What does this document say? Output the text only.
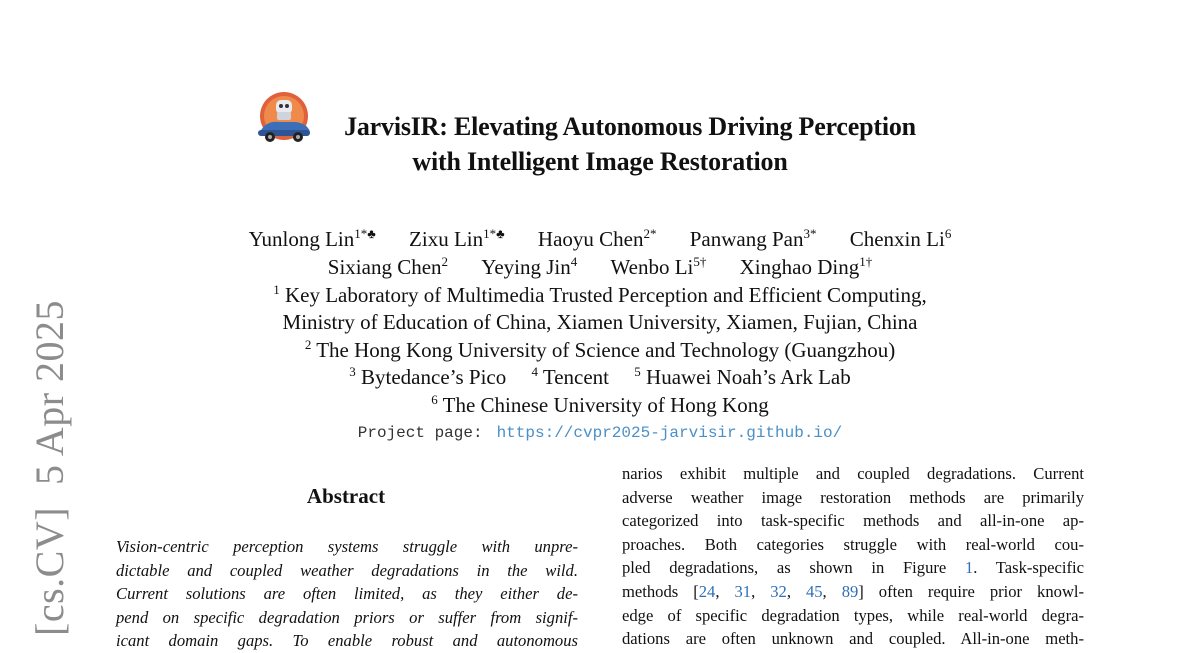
[cs.CV]5 Apr 2025
JarvisIR: Elevating Autonomous Driving Perception
with Intelligent Image Restoration
Yunlong Lin$^{1*♣}$ Zixu Lin$^{1*♣}$ Haoyu Chen$^{2*}$ Panwang Pan$^{3*}$ Chenxin Li$^6$
Sixiang Chen$^2$ Yeying Jin$^4$ Wenbo $Li^{5\dagger}$ Xinghao Ding$^{1\dagger}$
$^1$ Key Laboratory of Multimedia Trusted Perception and Efficient Computing,
Ministry of Education of China, Xiamen University, Xiamen, Fujian, China
$^2$ The Hong Kong University of Science and Technology (Guangzhou)
$^3$ Bytedance’s Pico $^4$ Tencent $^5$ Huawei Noah’s Ark Lab
$^6$ The Chinese University of Hong Kong
Project page: https://cvpr2025-jarvisir.github.io/
Abstract
Vision-centric perception systems struggle with unpre-
dictable and coupled weather degradations in the wild.
Current solutions are often limited, as they either de-
pend on specific degradation priors or suffer from signif-
icant domain gaps. To enable robust and autonomous
narios exhibit multiple and coupled degradations. Current
adverse weather image restoration methods are primarily
categorized into task-specific methods and all-in-one ap-
proaches. Both categories struggle with real-world cou-
pled degradations, as shown in Figure 1. Task-specific
methods [24, 31, 32, 45, 89] often require prior knowl-
edge of specific degradation types, while real-world degra-
dations are often unknown and coupled. All-in-one meth-
